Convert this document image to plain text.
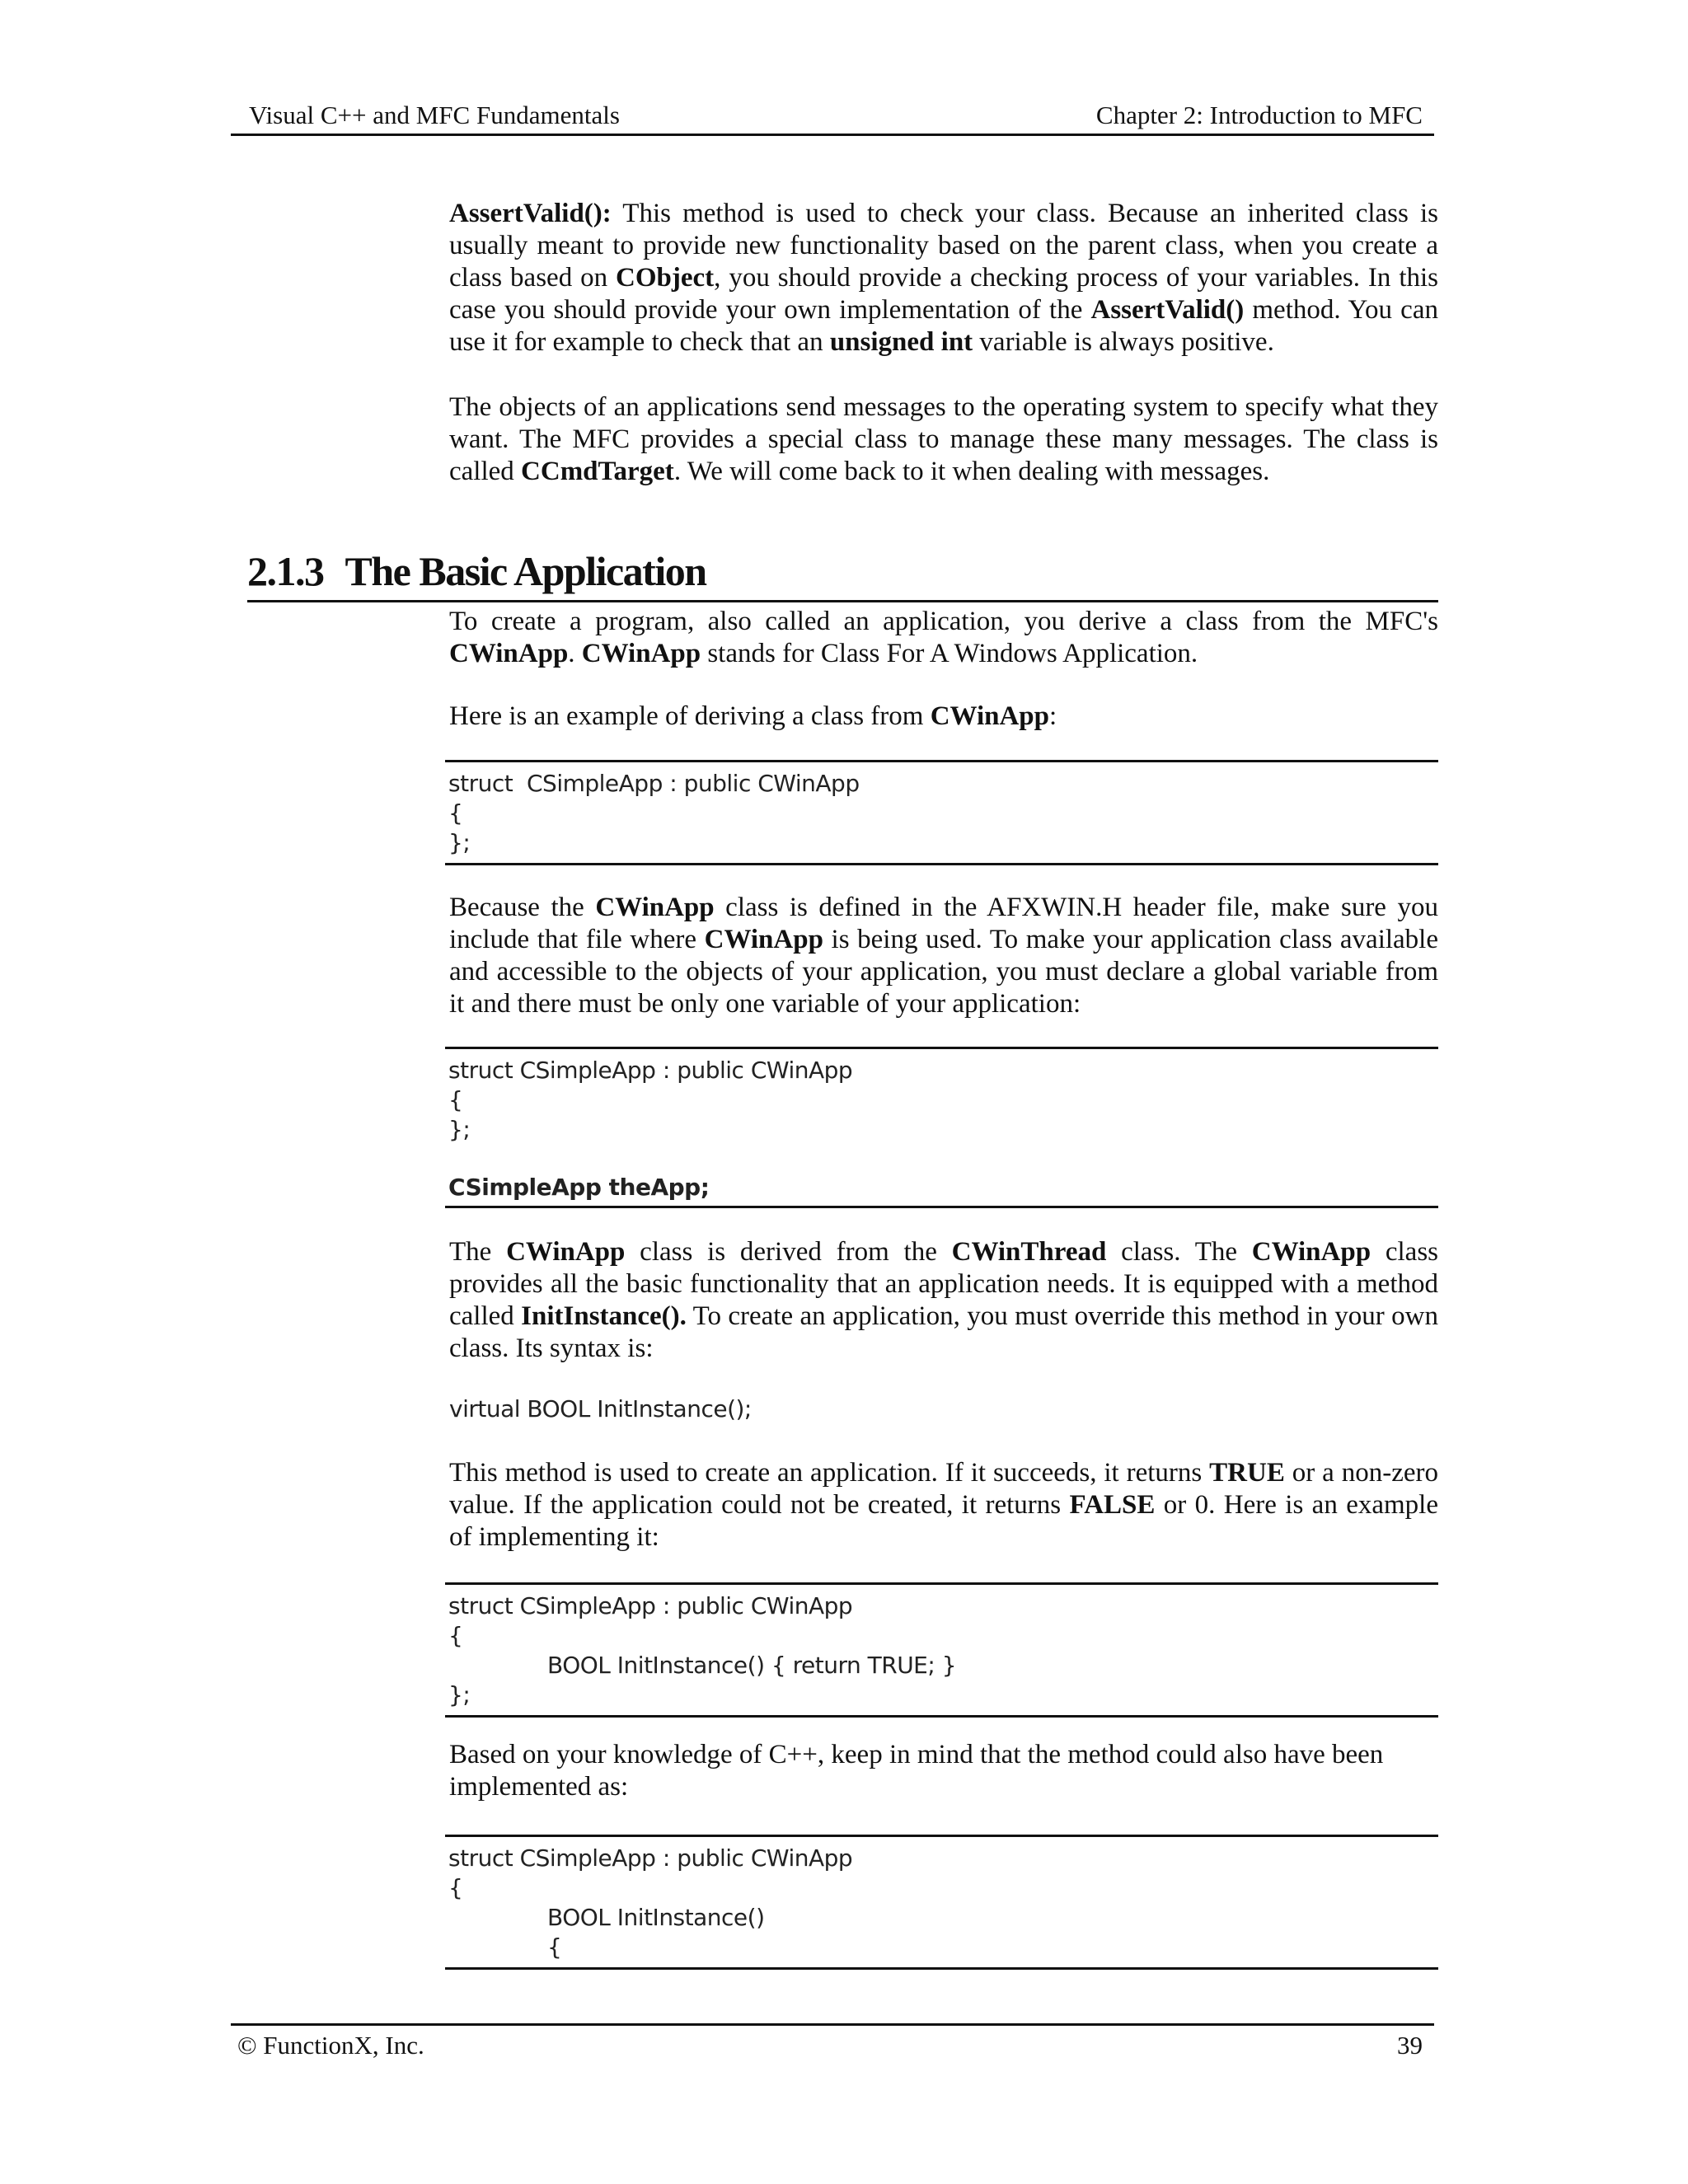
Visual C++ and MFC Fundamentals	Chapter 2: Introduction to MFC

AssertValid(): This method is used to check your class. Because an inherited class is usually meant to provide new functionality based on the parent class, when you create a class based on CObject, you should provide a checking process of your variables. In this case you should provide your own implementation of the AssertValid() method. You can use it for example to check that an unsigned int variable is always positive.

The objects of an applications send messages to the operating system to specify what they want. The MFC provides a special class to manage these many messages. The class is called CCmdTarget. We will come back to it when dealing with messages.

2.1.3 The Basic Application

To create a program, also called an application, you derive a class from the MFC's CWinApp. CWinApp stands for Class For A Windows Application.

Here is an example of deriving a class from CWinApp:

struct  CSimpleApp : public CWinApp
{
};

Because the CWinApp class is defined in the AFXWIN.H header file, make sure you include that file where CWinApp is being used. To make your application class available and accessible to the objects of your application, you must declare a global variable from it and there must be only one variable of your application:

struct CSimpleApp : public CWinApp
{
};
CSimpleApp theApp;

The CWinApp class is derived from the CWinThread class. The CWinApp class provides all the basic functionality that an application needs. It is equipped with a method called InitInstance(). To create an application, you must override this method in your own class. Its syntax is:

virtual BOOL InitInstance();

This method is used to create an application. If it succeeds, it returns TRUE or a non-zero value. If the application could not be created, it returns FALSE or 0. Here is an example of implementing it:

struct CSimpleApp : public CWinApp
{
BOOL InitInstance() { return TRUE; }
};

Based on your knowledge of C++, keep in mind that the method could also have been implemented as:

struct CSimpleApp : public CWinApp
{
BOOL InitInstance()
{
© FunctionX, Inc.	39
